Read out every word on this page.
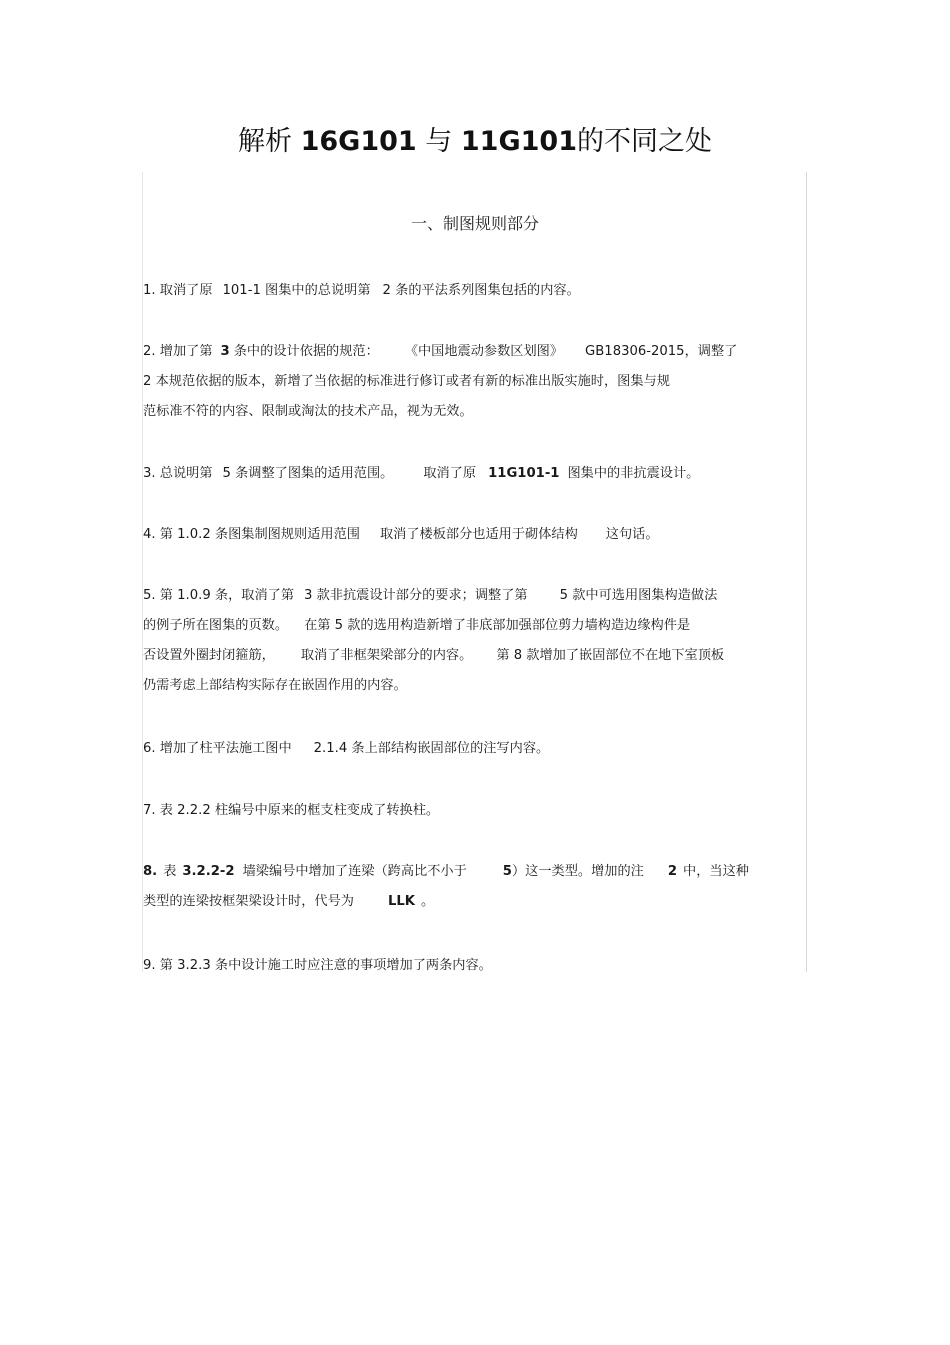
解析 16G101 与 11G101的不同之处
一、制图规则部分
1. 取消了原 101-1 图集中的总说明第 2 条的平法系列图集包括的内容。
2. 增加了第 3 条中的设计依据的规范： 《中国地震动参数区划图》 GB18306-2015，调整了
2 本规范依据的版本，新增了当依据的标准进行修订或者有新的标准出版实施时，图集与规
范标准不符的内容、限制或淘汰的技术产品，视为无效。
3. 总说明第 5 条调整了图集的适用范围。 取消了原 11G101-1 图集中的非抗震设计。
4. 第 1.0.2 条图集制图规则适用范围 取消了楼板部分也适用于砌体结构 这句话。
5. 第 1.0.9 条，取消了第 3 款非抗震设计部分的要求；调整了第 5 款中可选用图集构造做法
的例子所在图集的页数。 在第 5 款的选用构造新增了非底部加强部位剪力墙构造边缘构件是
否设置外圈封闭箍筋， 取消了非框架梁部分的内容。 第 8 款增加了嵌固部位不在地下室顶板
仍需考虑上部结构实际存在嵌固作用的内容。
6. 增加了柱平法施工图中 2.1.4 条上部结构嵌固部位的注写内容。
7. 表 2.2.2 柱编号中原来的框支柱变成了转换柱。
8. 表 3.2.2-2 墙梁编号中增加了连梁（跨高比不小于	5）这一类型。增加的注 2 中，当这种
类型的连梁按框架梁设计时，代号为	LLK 。
9. 第 3.2.3 条中设计施工时应注意的事项增加了两条内容。
